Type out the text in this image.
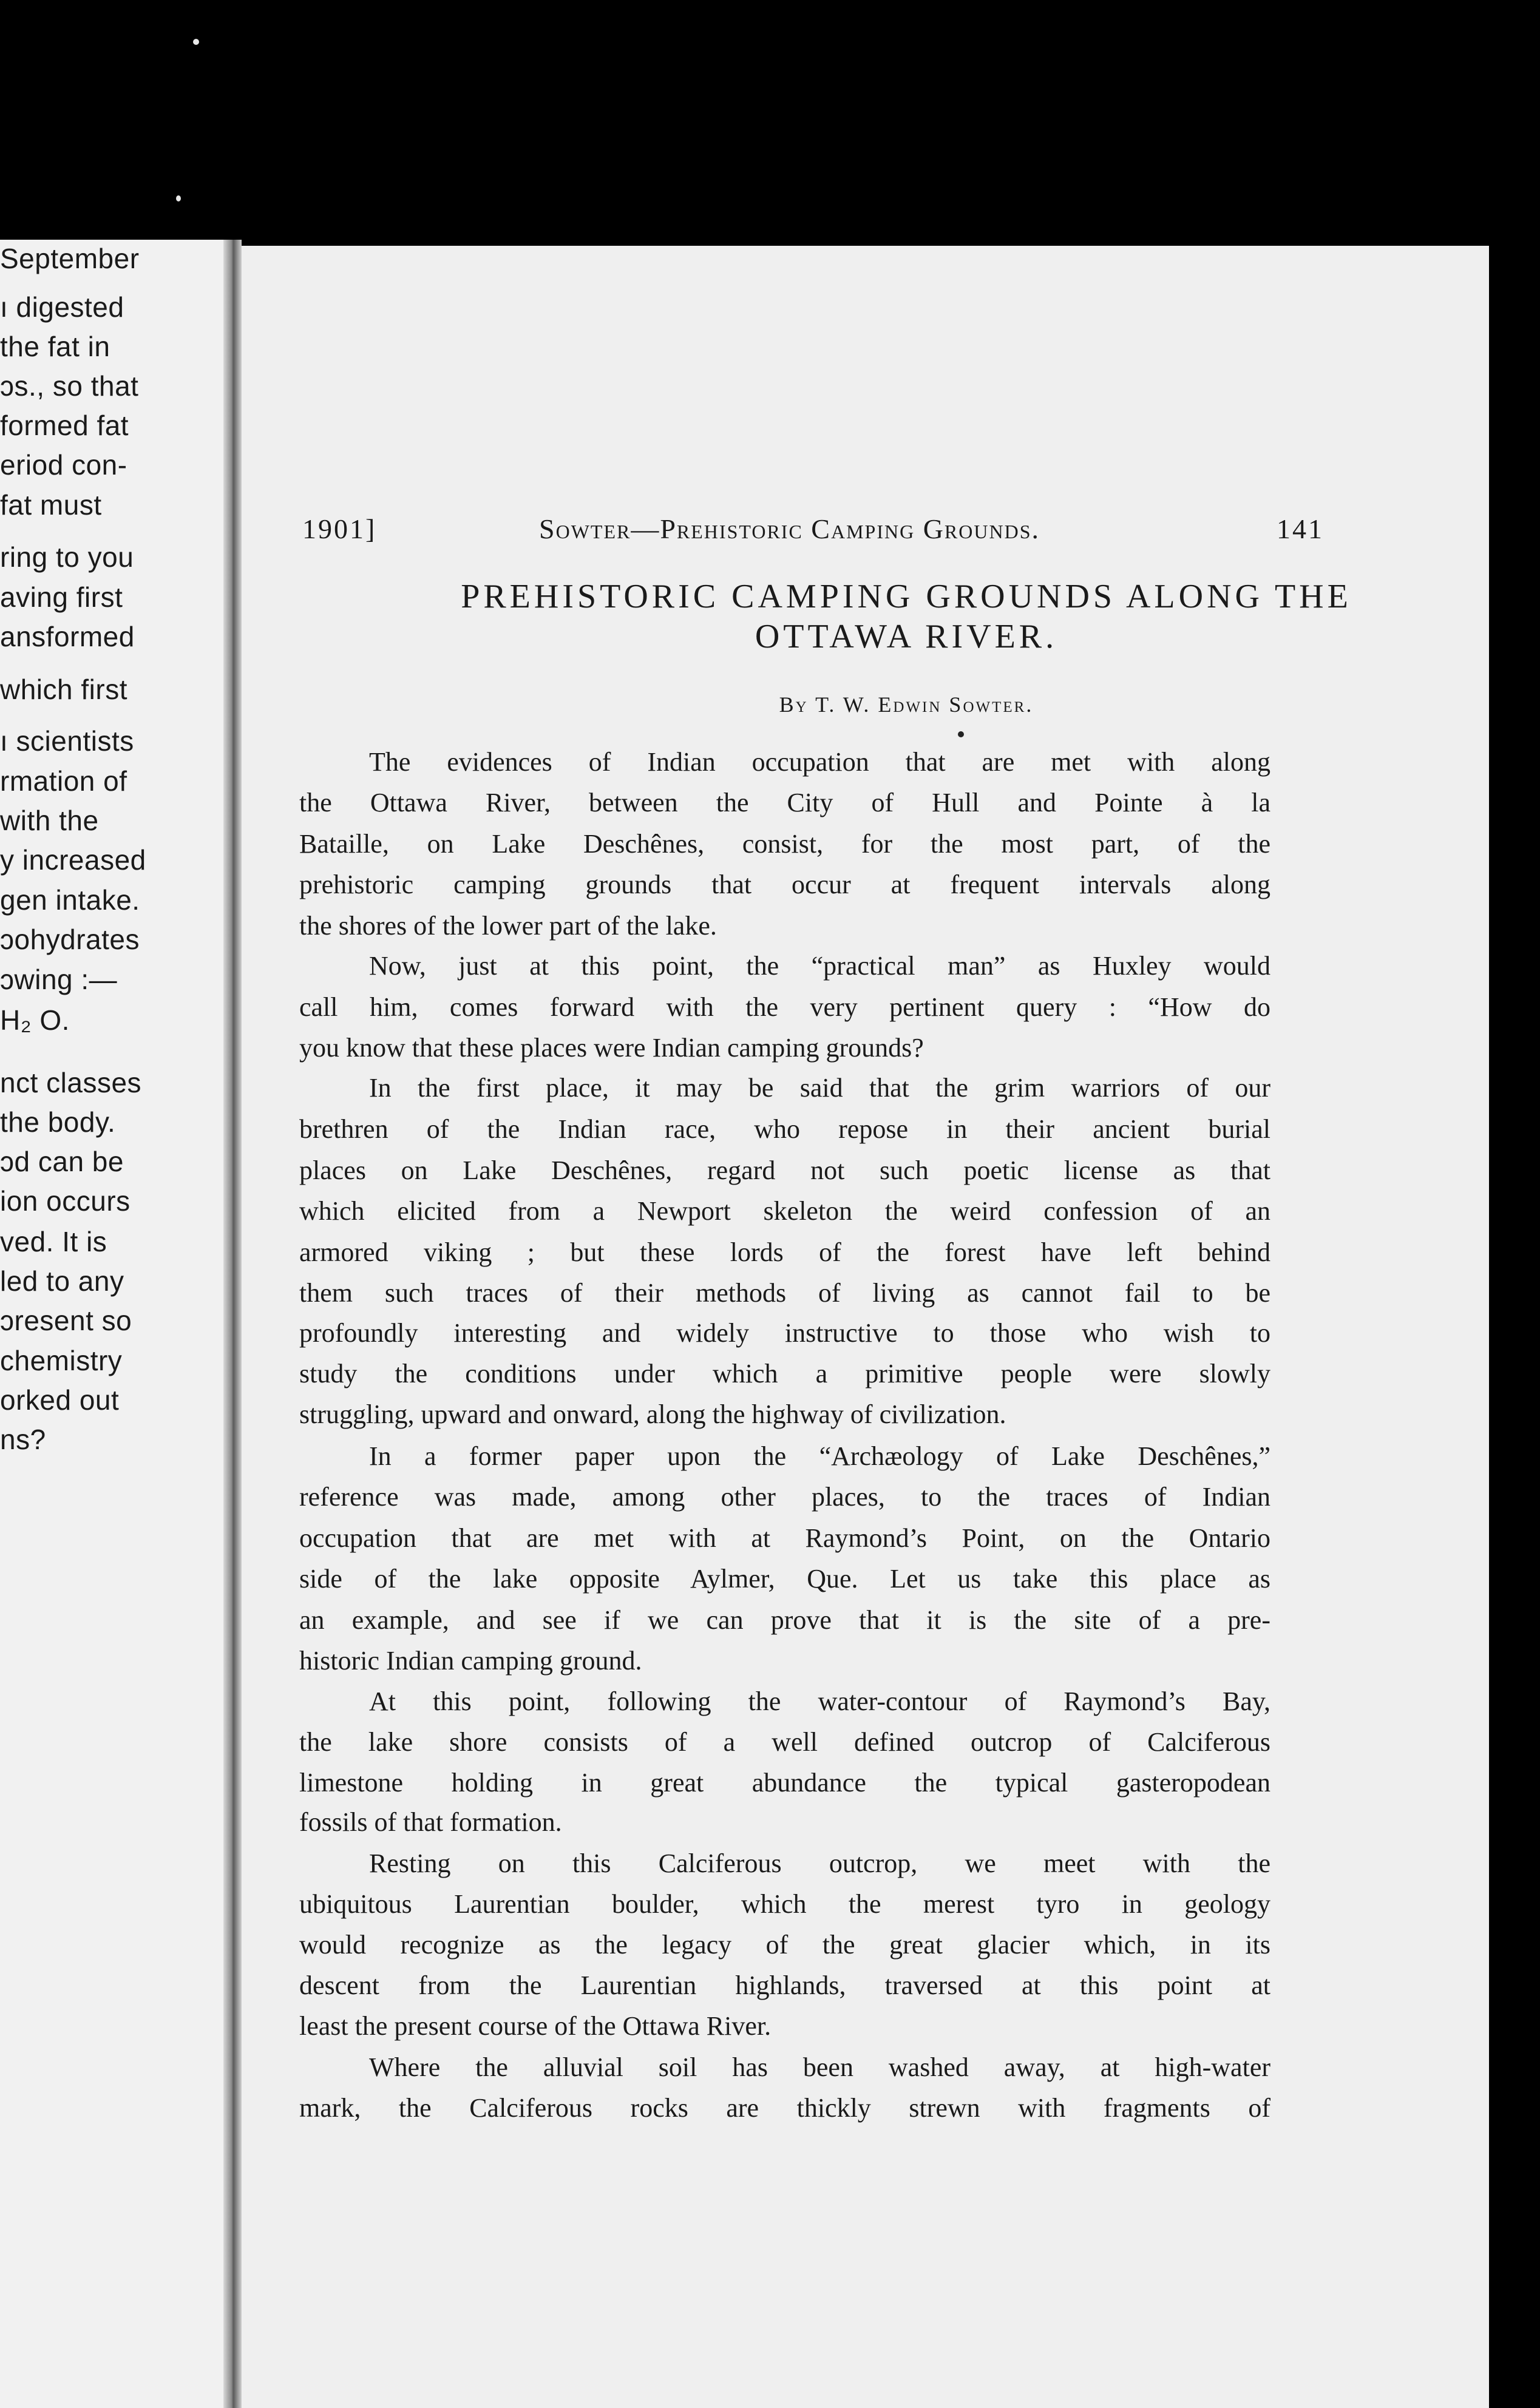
September
ı digested
the fat in
ɔs., so that
formed fat
eriod con-
fat must
ring to you
aving first
ansformed
which first
ı scientists
rmation of
with the
y increased
gen intake.
ɔohydrates
ɔwing :—
H₂ O.
nct classes
the body.
ɔd can be
ion occurs
ved. It is
led to any
ɔresent so
chemistry
orked out
ns?
1901]	Sowter—Prehistoric Camping Grounds.	141
PREHISTORIC CAMPING GROUNDS ALONG THE
OTTAWA RIVER.
By T. W. Edwin Sowter.
The evidences of Indian occupation that are met with along
the Ottawa River, between the City of Hull and Pointe à la
Bataille, on Lake Deschênes, consist, for the most part, of the
prehistoric camping grounds that occur at frequent intervals along
the shores of the lower part of the lake.
Now, just at this point, the “practical man” as Huxley would
call him, comes forward with the very pertinent query : “How do
you know that these places were Indian camping grounds?
In the first place, it may be said that the grim warriors of our
brethren of the Indian race, who repose in their ancient burial
places on Lake Deschênes, regard not such poetic license as that
which elicited from a Newport skeleton the weird confession of an
armored viking ; but these lords of the forest have left behind
them such traces of their methods of living as cannot fail to be
profoundly interesting and widely instructive to those who wish to
study the conditions under which a primitive people were slowly
struggling, upward and onward, along the highway of civilization.
In a former paper upon the “Archæology of Lake Deschênes,”
reference was made, among other places, to the traces of Indian
occupation that are met with at Raymond’s Point, on the Ontario
side of the lake opposite Aylmer, Que. Let us take this place as
an example, and see if we can prove that it is the site of a pre-
historic Indian camping ground.
At this point, following the water-contour of Raymond’s Bay,
the lake shore consists of a well defined outcrop of Calciferous
limestone holding in great abundance the typical gasteropodean
fossils of that formation.
Resting on this Calciferous outcrop, we meet with the
ubiquitous Laurentian boulder, which the merest tyro in geology
would recognize as the legacy of the great glacier which, in its
descent from the Laurentian highlands, traversed at this point at
least the present course of the Ottawa River.
Where the alluvial soil has been washed away, at high-water
mark, the Calciferous rocks are thickly strewn with fragments of
